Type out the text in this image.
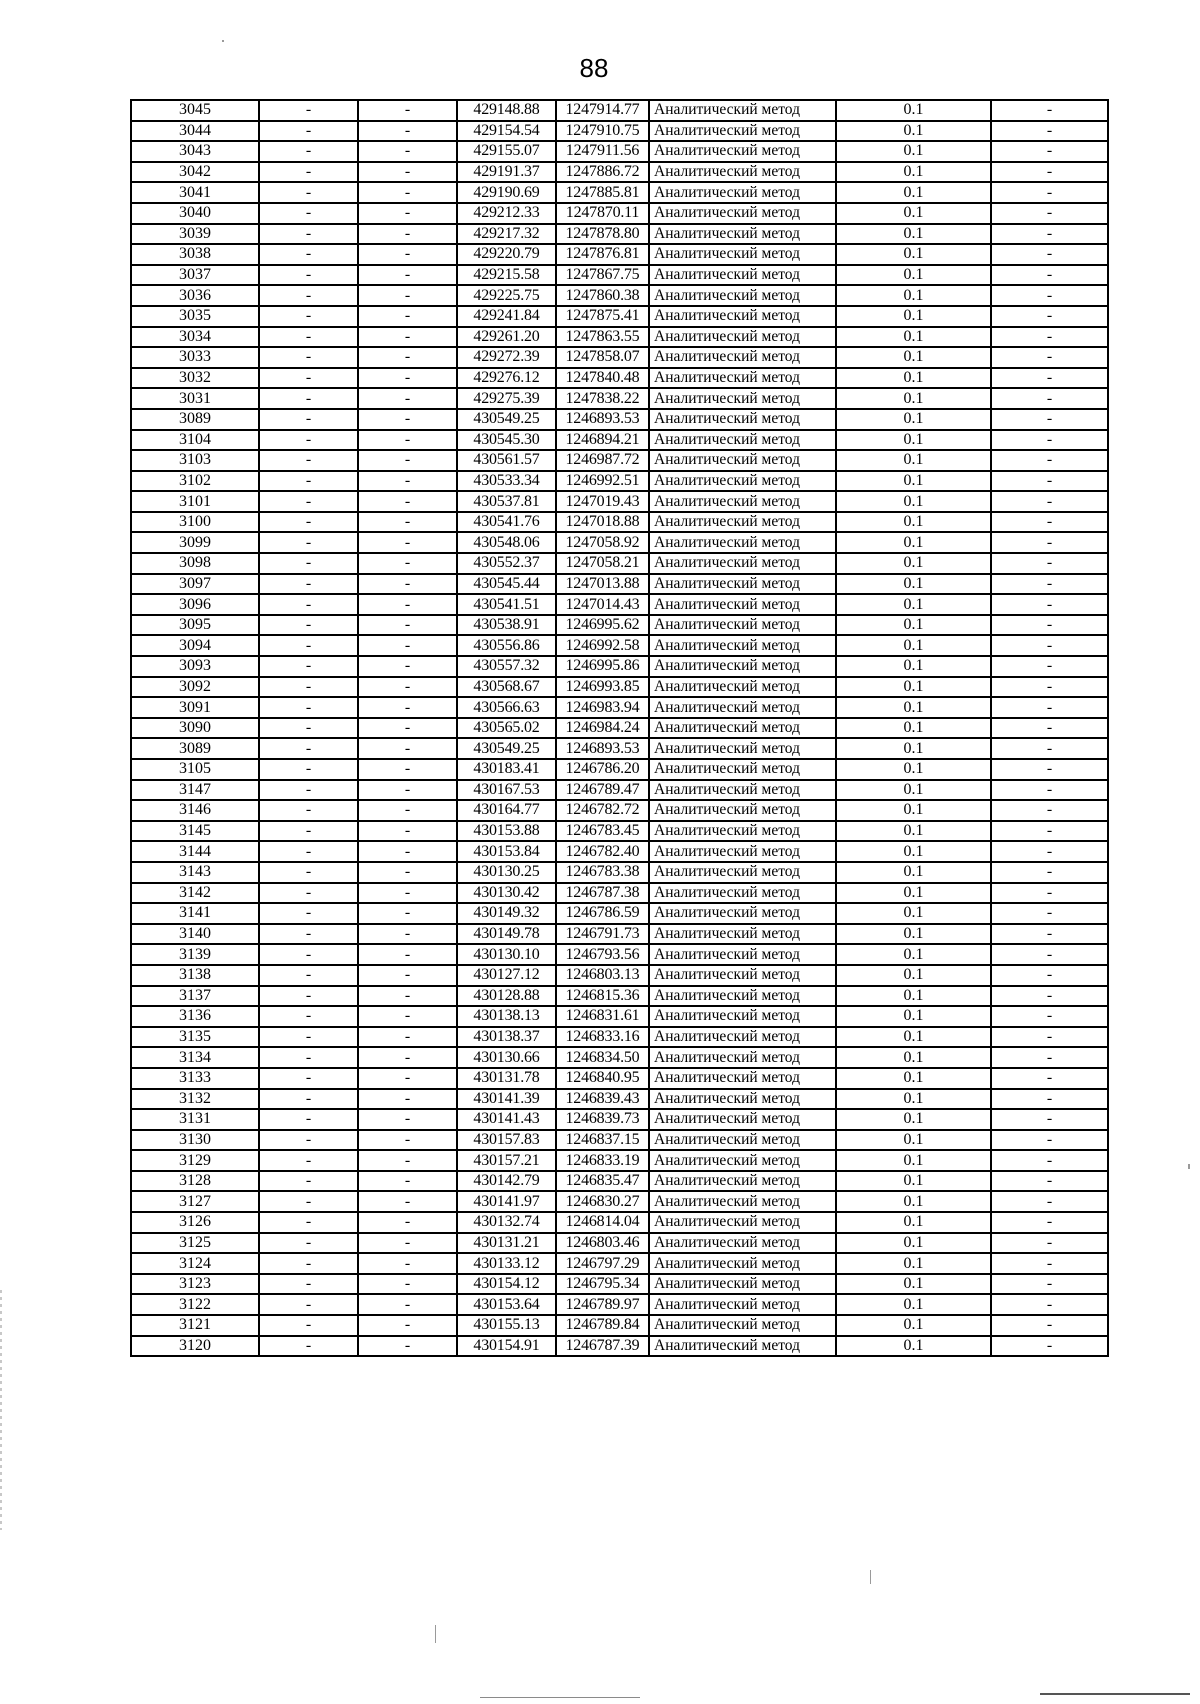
88
3045	-	-	429148.88	1247914.77	Аналитический метод	0.1	-
3044	-	-	429154.54	1247910.75	Аналитический метод	0.1	-
3043	-	-	429155.07	1247911.56	Аналитический метод	0.1	-
3042	-	-	429191.37	1247886.72	Аналитический метод	0.1	-
3041	-	-	429190.69	1247885.81	Аналитический метод	0.1	-
3040	-	-	429212.33	1247870.11	Аналитический метод	0.1	-
3039	-	-	429217.32	1247878.80	Аналитический метод	0.1	-
3038	-	-	429220.79	1247876.81	Аналитический метод	0.1	-
3037	-	-	429215.58	1247867.75	Аналитический метод	0.1	-
3036	-	-	429225.75	1247860.38	Аналитический метод	0.1	-
3035	-	-	429241.84	1247875.41	Аналитический метод	0.1	-
3034	-	-	429261.20	1247863.55	Аналитический метод	0.1	-
3033	-	-	429272.39	1247858.07	Аналитический метод	0.1	-
3032	-	-	429276.12	1247840.48	Аналитический метод	0.1	-
3031	-	-	429275.39	1247838.22	Аналитический метод	0.1	-
3089	-	-	430549.25	1246893.53	Аналитический метод	0.1	-
3104	-	-	430545.30	1246894.21	Аналитический метод	0.1	-
3103	-	-	430561.57	1246987.72	Аналитический метод	0.1	-
3102	-	-	430533.34	1246992.51	Аналитический метод	0.1	-
3101	-	-	430537.81	1247019.43	Аналитический метод	0.1	-
3100	-	-	430541.76	1247018.88	Аналитический метод	0.1	-
3099	-	-	430548.06	1247058.92	Аналитический метод	0.1	-
3098	-	-	430552.37	1247058.21	Аналитический метод	0.1	-
3097	-	-	430545.44	1247013.88	Аналитический метод	0.1	-
3096	-	-	430541.51	1247014.43	Аналитический метод	0.1	-
3095	-	-	430538.91	1246995.62	Аналитический метод	0.1	-
3094	-	-	430556.86	1246992.58	Аналитический метод	0.1	-
3093	-	-	430557.32	1246995.86	Аналитический метод	0.1	-
3092	-	-	430568.67	1246993.85	Аналитический метод	0.1	-
3091	-	-	430566.63	1246983.94	Аналитический метод	0.1	-
3090	-	-	430565.02	1246984.24	Аналитический метод	0.1	-
3089	-	-	430549.25	1246893.53	Аналитический метод	0.1	-
3105	-	-	430183.41	1246786.20	Аналитический метод	0.1	-
3147	-	-	430167.53	1246789.47	Аналитический метод	0.1	-
3146	-	-	430164.77	1246782.72	Аналитический метод	0.1	-
3145	-	-	430153.88	1246783.45	Аналитический метод	0.1	-
3144	-	-	430153.84	1246782.40	Аналитический метод	0.1	-
3143	-	-	430130.25	1246783.38	Аналитический метод	0.1	-
3142	-	-	430130.42	1246787.38	Аналитический метод	0.1	-
3141	-	-	430149.32	1246786.59	Аналитический метод	0.1	-
3140	-	-	430149.78	1246791.73	Аналитический метод	0.1	-
3139	-	-	430130.10	1246793.56	Аналитический метод	0.1	-
3138	-	-	430127.12	1246803.13	Аналитический метод	0.1	-
3137	-	-	430128.88	1246815.36	Аналитический метод	0.1	-
3136	-	-	430138.13	1246831.61	Аналитический метод	0.1	-
3135	-	-	430138.37	1246833.16	Аналитический метод	0.1	-
3134	-	-	430130.66	1246834.50	Аналитический метод	0.1	-
3133	-	-	430131.78	1246840.95	Аналитический метод	0.1	-
3132	-	-	430141.39	1246839.43	Аналитический метод	0.1	-
3131	-	-	430141.43	1246839.73	Аналитический метод	0.1	-
3130	-	-	430157.83	1246837.15	Аналитический метод	0.1	-
3129	-	-	430157.21	1246833.19	Аналитический метод	0.1	-
3128	-	-	430142.79	1246835.47	Аналитический метод	0.1	-
3127	-	-	430141.97	1246830.27	Аналитический метод	0.1	-
3126	-	-	430132.74	1246814.04	Аналитический метод	0.1	-
3125	-	-	430131.21	1246803.46	Аналитический метод	0.1	-
3124	-	-	430133.12	1246797.29	Аналитический метод	0.1	-
3123	-	-	430154.12	1246795.34	Аналитический метод	0.1	-
3122	-	-	430153.64	1246789.97	Аналитический метод	0.1	-
3121	-	-	430155.13	1246789.84	Аналитический метод	0.1	-
3120	-	-	430154.91	1246787.39	Аналитический метод	0.1	-
